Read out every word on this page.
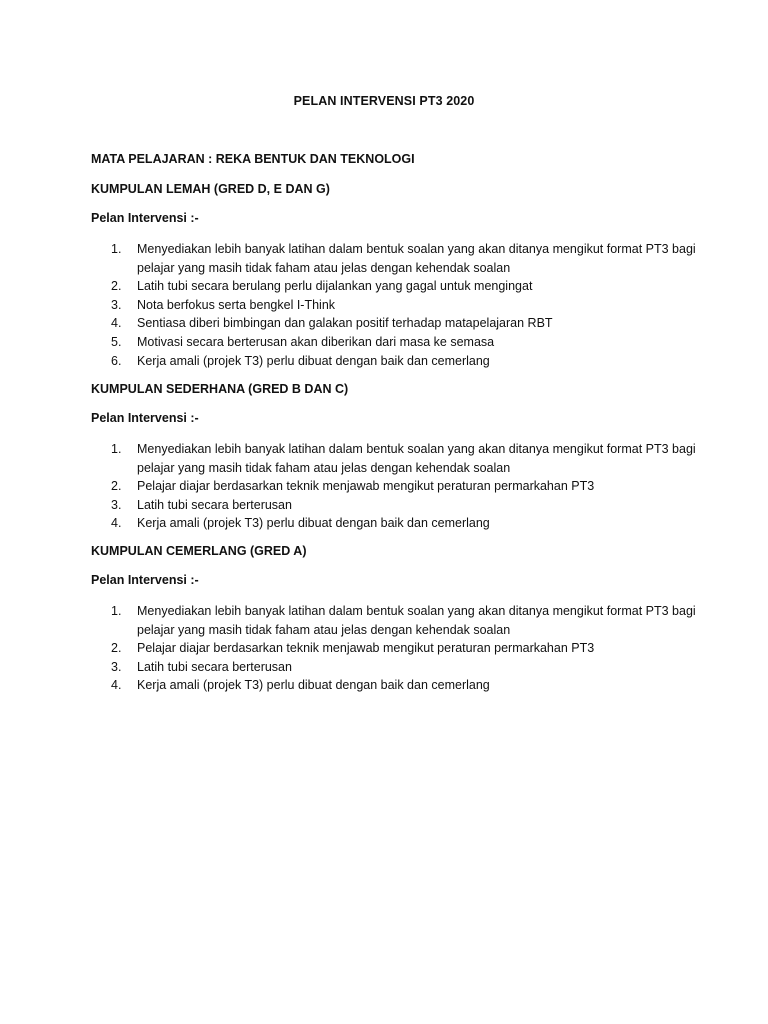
PELAN INTERVENSI PT3 2020
MATA PELAJARAN : REKA BENTUK DAN TEKNOLOGI
KUMPULAN LEMAH (GRED D, E DAN G)
Pelan Intervensi :-
1. Menyediakan lebih banyak latihan dalam bentuk soalan yang akan ditanya mengikut format PT3 bagi pelajar yang masih tidak faham atau jelas dengan kehendak soalan
2. Latih tubi secara berulang perlu dijalankan yang gagal untuk mengingat
3. Nota berfokus serta bengkel I-Think
4. Sentiasa diberi bimbingan dan galakan positif terhadap matapelajaran RBT
5. Motivasi secara berterusan akan diberikan dari masa ke semasa
6. Kerja amali (projek T3) perlu dibuat dengan baik dan cemerlang
KUMPULAN SEDERHANA (GRED B DAN C)
Pelan Intervensi :-
1. Menyediakan lebih banyak latihan dalam bentuk soalan yang akan ditanya mengikut format PT3 bagi pelajar yang masih tidak faham atau jelas dengan kehendak soalan
2. Pelajar diajar berdasarkan teknik menjawab mengikut peraturan permarkahan PT3
3. Latih tubi secara berterusan
4. Kerja amali (projek T3) perlu dibuat dengan baik dan cemerlang
KUMPULAN CEMERLANG (GRED A)
Pelan Intervensi :-
1. Menyediakan lebih banyak latihan dalam bentuk soalan yang akan ditanya mengikut format PT3 bagi pelajar yang masih tidak faham atau jelas dengan kehendak soalan
2. Pelajar diajar berdasarkan teknik menjawab mengikut peraturan permarkahan PT3
3. Latih tubi secara berterusan
4. Kerja amali (projek T3) perlu dibuat dengan baik dan cemerlang
